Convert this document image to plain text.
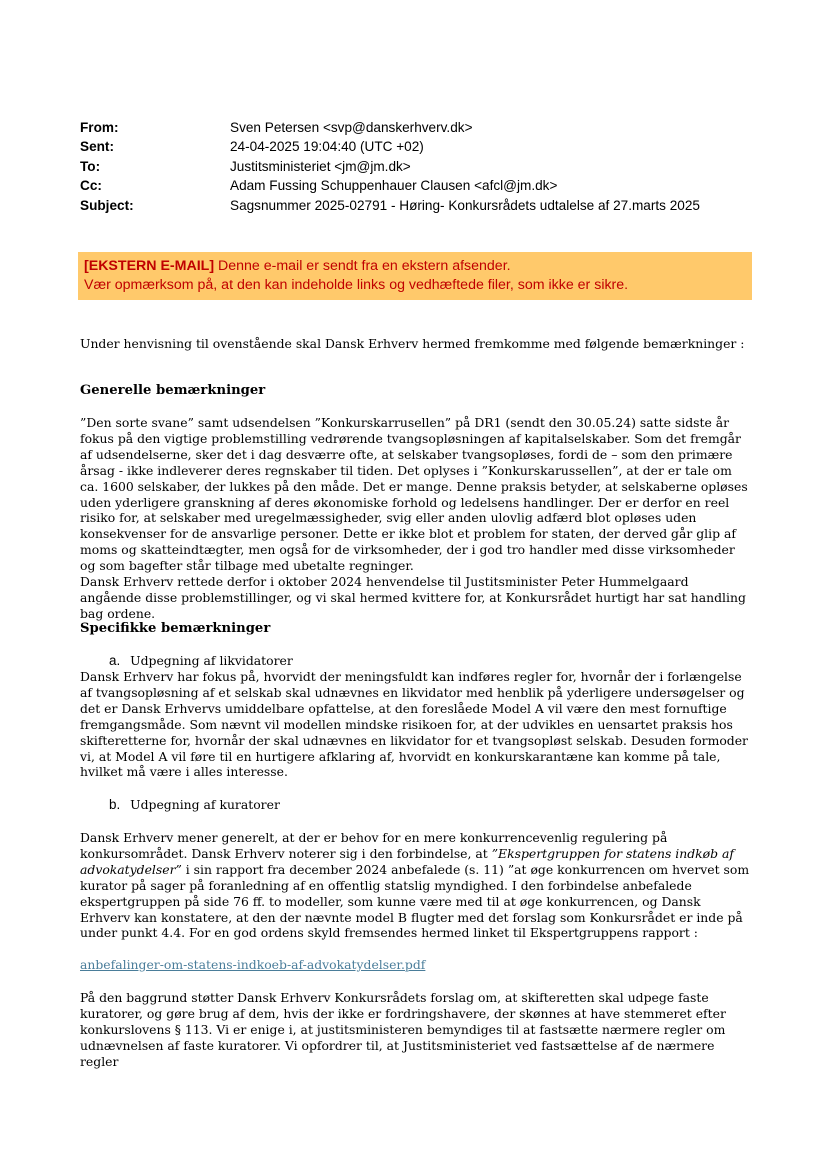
From:	Sven Petersen <svp@danskerhverv.dk>
Sent:	24-04-2025 19:04:40 (UTC +02)
To:	Justitsministeriet <jm@jm.dk>
Cc:	Adam Fussing Schuppenhauer Clausen <afcl@jm.dk>
Subject:	Sagsnummer 2025-02791 - Høring- Konkursrådets udtalelse af 27.marts 2025
[EKSTERN E-MAIL] Denne e-mail er sendt fra en ekstern afsender.
Vær opmærksom på, at den kan indeholde links og vedhæftede filer, som ikke er sikre.
Under henvisning til ovenstående skal Dansk Erhverv hermed fremkomme med følgende bemærkninger :
Generelle bemærkninger

”Den sorte svane” samt udsendelsen ”Konkurskarrusellen” på DR1 (sendt den 30.05.24) satte sidste år fokus på den vigtige problemstilling vedrørende tvangsopløsningen af kapitalselskaber. Som det fremgår af udsendelserne, sker det i dag desværre ofte, at selskaber tvangsopløses, fordi de – som den primære årsag - ikke indleverer deres regnskaber til tiden. Det oplyses i ”Konkurskarussellen”, at der er tale om ca. 1600 selskaber, der lukkes på den måde. Det er mange. Denne praksis betyder, at selskaberne opløses uden yderligere granskning af deres økonomiske forhold og ledelsens handlinger. Der er derfor en reel risiko for, at selskaber med uregelmæssigheder, svig eller anden ulovlig adfærd blot opløses uden konsekvenser for de ansvarlige personer. Dette er ikke blot et problem for staten, der derved går glip af moms og skatteindtægter, men også for de virksomheder, der i god tro handler med disse virksomheder og som bagefter står tilbage med ubetalte regninger.

Dansk Erhverv rettede derfor i oktober 2024 henvendelse til Justitsminister Peter Hummelgaard angående disse problemstillinger, og vi skal hermed kvittere for, at Konkursrådet hurtigt har sat handling bag ordene.

Specifikke bemærkninger
a. Udpegning af likvidatorer

Dansk Erhverv har fokus på, hvorvidt der meningsfuldt kan indføres regler for, hvornår der i forlængelse af tvangsopløsning af et selskab skal udnævnes en likvidator med henblik på yderligere undersøgelser og det er Dansk Erhvervs umiddelbare opfattelse, at den foreslåede Model A vil være den mest fornuftige fremgangsmåde. Som nævnt vil modellen mindske risikoen for, at der udvikles en uensartet praksis hos skifteretterne for, hvornår der skal udnævnes en likvidator for et tvangsopløst selskab. Desuden formoder vi, at Model A vil føre til en hurtigere afklaring af, hvorvidt en konkurskarantæne kan komme på tale, hvilket må være i alles interesse.

b. Udpegning af kuratorer

Dansk Erhverv mener generelt, at der er behov for en mere konkurrencevenlig regulering på konkursområdet. Dansk Erhverv noterer sig i den forbindelse, at ”Ekspertgruppen for statens indkøb af advokatydelser” i sin rapport fra december 2024 anbefalede (s. 11) ”at øge konkurrencen om hvervet som kurator på sager på foranledning af en offentlig statslig myndighed. I den forbindelse anbefalede ekspertgruppen på side 76 ff. to modeller, som kunne være med til at øge konkurrencen, og Dansk Erhverv kan konstatere, at den der nævnte model B flugter med det forslag som Konkursrådet er inde på under punkt 4.4. For en god ordens skyld fremsendes hermed linket til Ekspertgruppens rapport :

anbefalinger-om-statens-indkoeb-af-advokatydelser.pdf

På den baggrund støtter Dansk Erhverv Konkursrådets forslag om, at skifteretten skal udpege faste kuratorer, og gøre brug af dem, hvis der ikke er fordringshavere, der skønnes at have stemmeret efter konkurslovens § 113. Vi er enige i, at justitsministeren bemyndiges til at fastsætte nærmere regler om udnævnelsen af faste kuratorer. Vi opfordrer til, at Justitsministeriet ved fastsættelse af de nærmere regler
